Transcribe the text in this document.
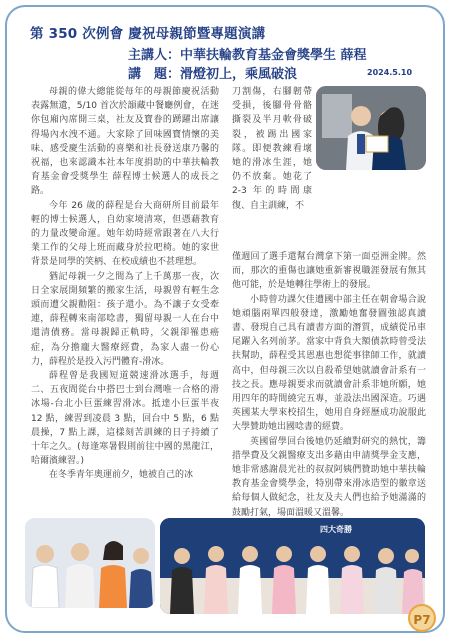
第 350 次例會 慶祝母親節暨專題演講
主講人：中華扶輪教育基金會獎學生 薛程
講　題：滑燈初上，乘風破浪	2024.5.10

母親的偉大總能從每年的母親節慶祝活動表露無遺，5/10 首次於韻藏中餐廳例會，在迷你包廂內席開三桌，社友及寶眷的踴躍出席讓得場內水洩不通。大家除了回味國寶情懷的美味、感受慶生活動的喜樂和社長發送康乃馨的祝福，也來認識本社本年度捐助的中華扶輪教育基金會受獎學生 薛程博士候選人的成長之路。

今年 26 歲的薛程是台大商研所目前最年輕的博士候選人，自幼家境清寒，但憑藉教育的力量改變命運。她年幼時經常跟著在八大行業工作的父母上班而藏身於拉吧椅。她的家世背景是同學的笑柄、在校成績也不甚理想。

猶記母親一夕之間為了上千萬那一夜，次日全家展開頻繁的搬家生活，母親曾有輕生念頭而遭父親勸阻：孩子還小。為不讓子女受牽連，薛程轉來南部唸書，獨留母親一人在台中還清債務。當母親歸正軌時，父親卻罹患癌症，為分擔龐大醫療經費，為家人盡一份心力，薛程於是投入污門體育-滑冰。

薛程曾是我國短道競速滑冰選手，每週二、五夜間從台中搭巴士到台灣唯一合格的滑冰場-台北小巨蛋練習滑冰。抵達小巨蛋半夜 12 點，練習到凌晨 3 點，回台中 5 點，6 點晨操，7 點上課，這樣刻苦訓練的日子持續了十年之久。(每逢寒暑假則前往中國的黑龍江，哈爾濱練習。)

在冬季青年奧運前夕，她被自己的冰

刀割傷，右腳韌帶受損，後腳骨骨骼撕裂及半月軟骨破裂，被踢出國家隊。即便教練看壞她的滑冰生涯，她仍不放棄。她花了 2-3 年的時間康復、自主訓練，不

僅週回了選手還幫台灣拿下第一面亞洲金牌。然而，那次的重傷也讓她重新審視職涯發展有無其他可能，於是她轉往學術上的發展。

小時曾功課欠佳遭國中部主任在朝會場合說她頑腦兩單四般發達，激勵她奮發圖強認真讀書、發現自己具有讀書方面的潛質，成績從吊車尾躍入名列前茅。當家中背負大額債款時曾受法扶幫助，薛程受其恩惠也想從事律師工作，就讀高中，但母親三次以自殺希望她就讀會計系有一技之長。應母親要求而就讀會計系非她所願，她用四年的時間繞完五專，並設法出國深造。巧遇英國某大學來校招生，她用自身經歷成功說服此大學贊助她出國唸書的經費。

英國留學回台後她仍延續對研究的熱忱，籌措學費及父親醫療支出多藉由申請獎學金支應，她非常感謝晨光社的叔叔阿姨們贊助她中華扶輪教育基金會獎學金，特別帶來滑冰造型的徽章送給每個人做紀念，社友及夫人們也給予她滿滿的鼓勵打氣，場面溫暖又溫馨。

四大奇勝
P7
